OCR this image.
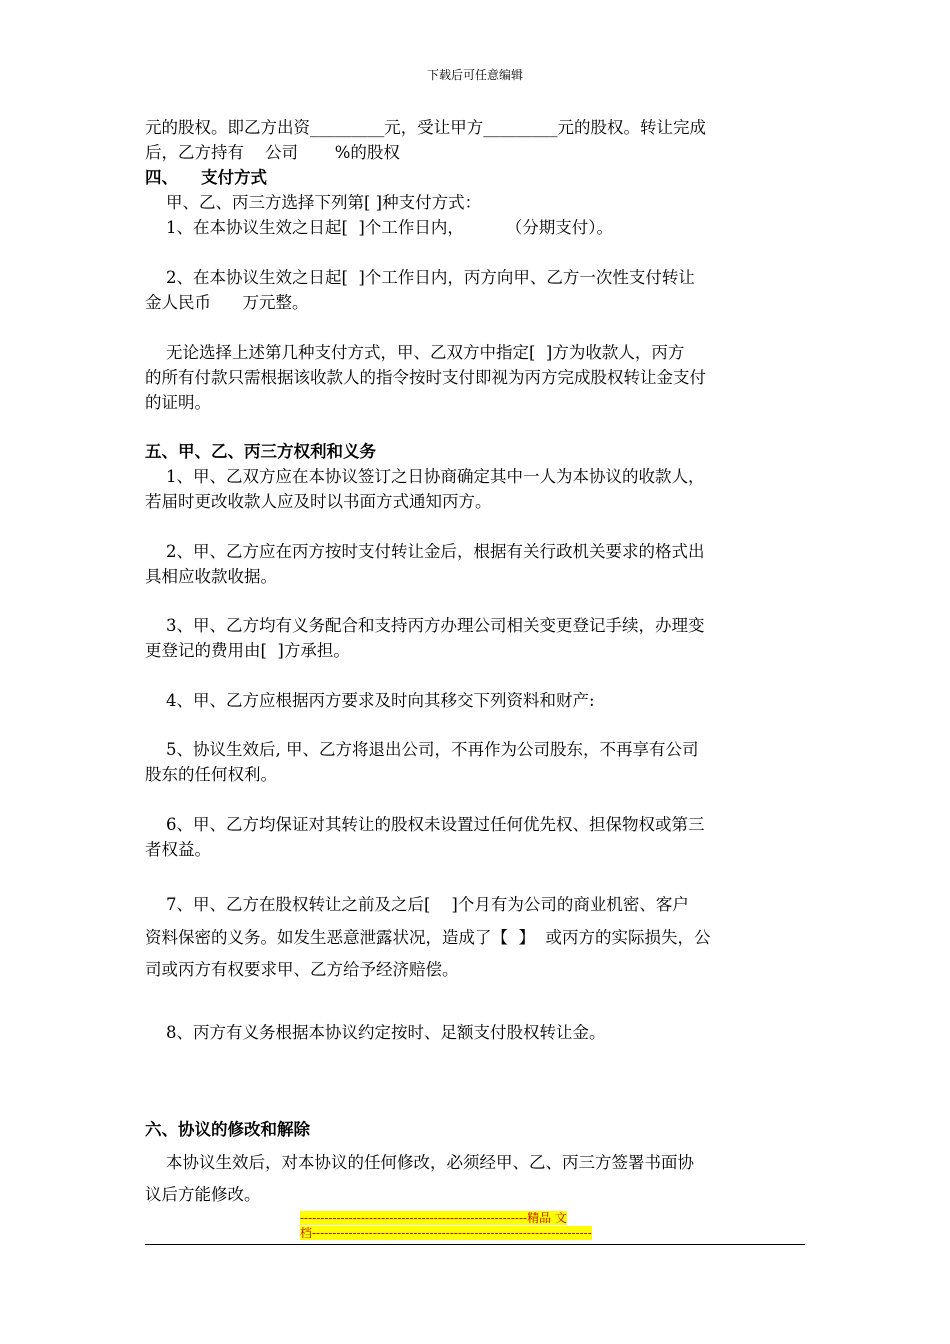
下载后可任意编辑
元的股权。即乙方出资_________元，受让甲方_________元的股权。转让完成
后，乙方持有    公司       %的股权
四、    支付方式
甲、乙、丙三方选择下列第[ ]种支付方式：
1、在本协议生效之日起[  ]个工作日内，        （分期支付）。
2、在本协议生效之日起[  ]个工作日内，丙方向甲、乙方一次性支付转让
金人民币      万元整。
无论选择上述第几种支付方式，甲、乙双方中指定[  ]方为收款人，丙方
的所有付款只需根据该收款人的指令按时支付即视为丙方完成股权转让金支付
的证明。
五、甲、乙、丙三方权利和义务
1、甲、乙双方应在本协议签订之日协商确定其中一人为本协议的收款人，
若届时更改收款人应及时以书面方式通知丙方。
2、甲、乙方应在丙方按时支付转让金后，根据有关行政机关要求的格式出
具相应收款收据。
3、甲、乙方均有义务配合和支持丙方办理公司相关变更登记手续，办理变
更登记的费用由[  ]方承担。
4、甲、乙方应根据丙方要求及时向其移交下列资料和财产:
5、协议生效后, 甲、乙方将退出公司，不再作为公司股东，不再享有公司
股东的任何权利。
6、甲、乙方均保证对其转让的股权未设置过任何优先权、担保物权或第三
者权益。
7、甲、乙方在股权转让之前及之后[    ]个月有为公司的商业机密、客户
资料保密的义务。如发生恶意泄露状况，造成了【  】  或丙方的实际损失，公
司或丙方有权要求甲、乙方给予经济赔偿。
8、丙方有义务根据本协议约定按时、足额支付股权转让金。
六、协议的修改和解除
本协议生效后，对本协议的任何修改，必须经甲、乙、丙三方签署书面协
议后方能修改。
--------------------------------------------------------精品 文
档---------------------------------------------------------------------
